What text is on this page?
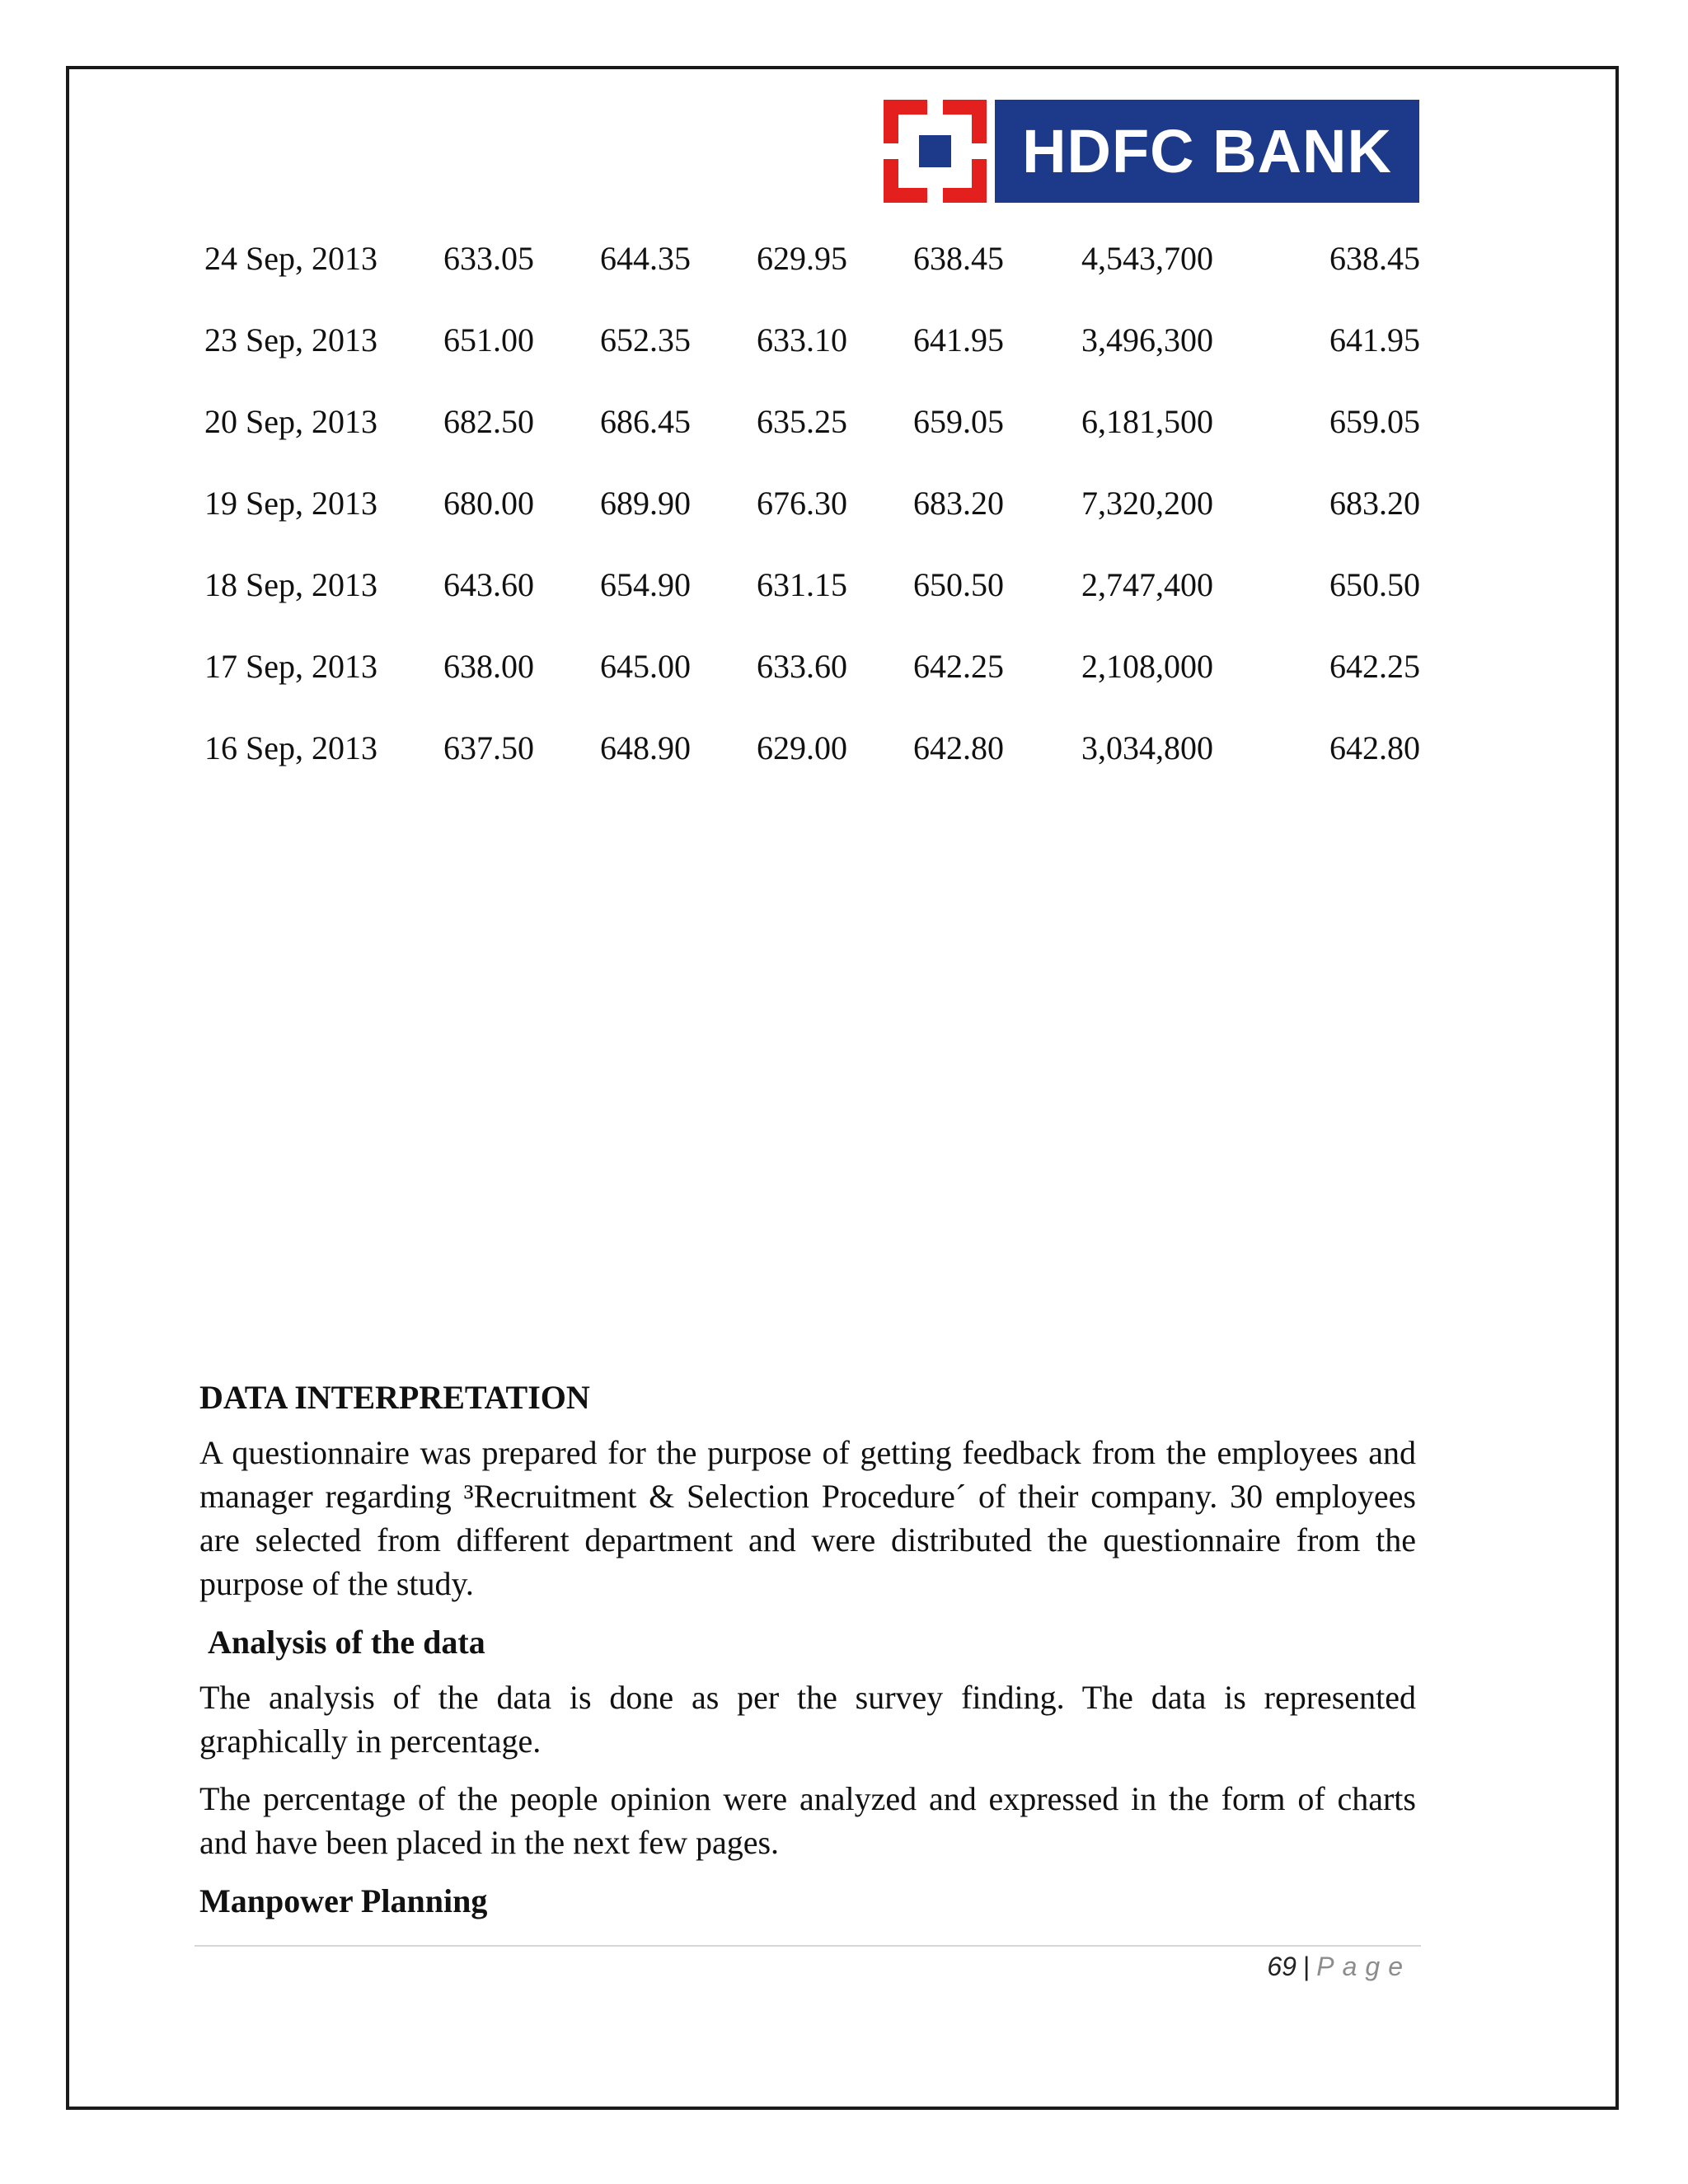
HDFC BANK
24 Sep, 2013	633.05	644.35	629.95	638.45	4,543,700	638.45
23 Sep, 2013	651.00	652.35	633.10	641.95	3,496,300	641.95
20 Sep, 2013	682.50	686.45	635.25	659.05	6,181,500	659.05
19 Sep, 2013	680.00	689.90	676.30	683.20	7,320,200	683.20
18 Sep, 2013	643.60	654.90	631.15	650.50	2,747,400	650.50
17 Sep, 2013	638.00	645.00	633.60	642.25	2,108,000	642.25
16 Sep, 2013	637.50	648.90	629.00	642.80	3,034,800	642.80
DATA INTERPRETATION

A questionnaire was prepared for the purpose of getting feedback from the employees and manager regarding ³Recruitment & Selection Procedure´ of their company. 30 employees are selected from different department and were distributed the questionnaire from the purpose of the study.

Analysis of the data

The analysis of the data is done as per the survey finding. The data is represented graphically in percentage.

The percentage of the people opinion were analyzed and expressed in the form of charts and have been placed in the next few pages.

Manpower Planning
69 | Page
